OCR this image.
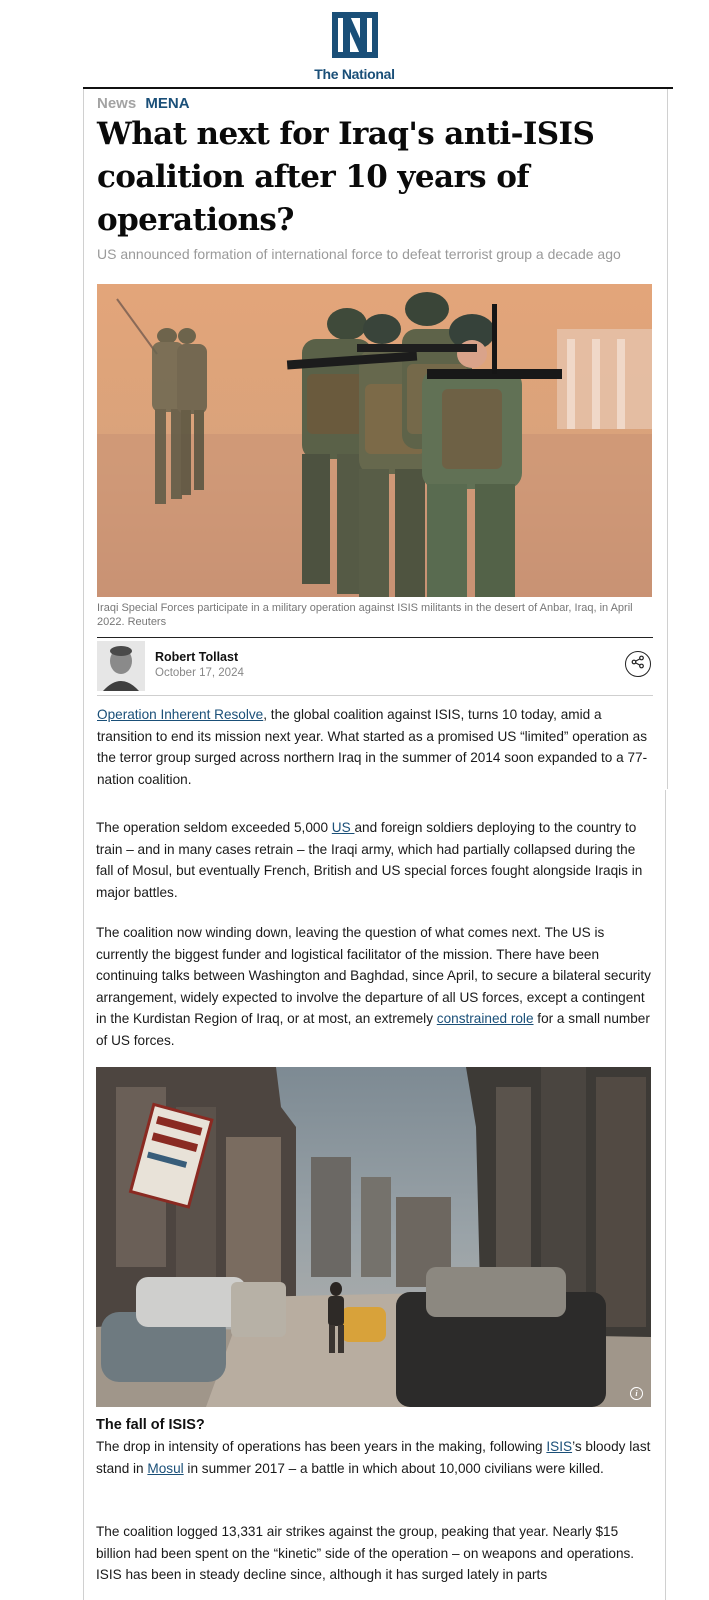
The National
News MENA
What next for Iraq's anti-ISIS coalition after 10 years of operations?
US announced formation of international force to defeat terrorist group a decade ago
Iraqi Special Forces participate in a military operation against ISIS militants in the desert of Anbar, Iraq, in April 2022. Reuters
Robert Tollast
October 17, 2024

Operation Inherent Resolve, the global coalition against ISIS, turns 10 today, amid a transition to end its mission next year. What started as a promised US “limited” operation as the terror group surged across northern Iraq in the summer of 2014 soon expanded to a 77-nation coalition.

The operation seldom exceeded 5,000 US and foreign soldiers deploying to the country to train – and in many cases retrain – the Iraqi army, which had partially collapsed during the fall of Mosul, but eventually French, British and US special forces fought alongside Iraqis in major battles.

The coalition now winding down, leaving the question of what comes next. The US is currently the biggest funder and logistical facilitator of the mission. There have been continuing talks between Washington and Baghdad, since April, to secure a bilateral security arrangement, widely expected to involve the departure of all US forces, except a contingent in the Kurdistan Region of Iraq, or at most, an extremely constrained role for a small number of US forces.

i
The fall of ISIS?

The drop in intensity of operations has been years in the making, following ISIS’s bloody last stand in Mosul in summer 2017 – a battle in which about 10,000 civilians were killed.

The coalition logged 13,331 air strikes against the group, peaking that year. Nearly $15 billion had been spent on the “kinetic” side of the operation – on weapons and operations. ISIS has been in steady decline since, although it has surged lately in parts
